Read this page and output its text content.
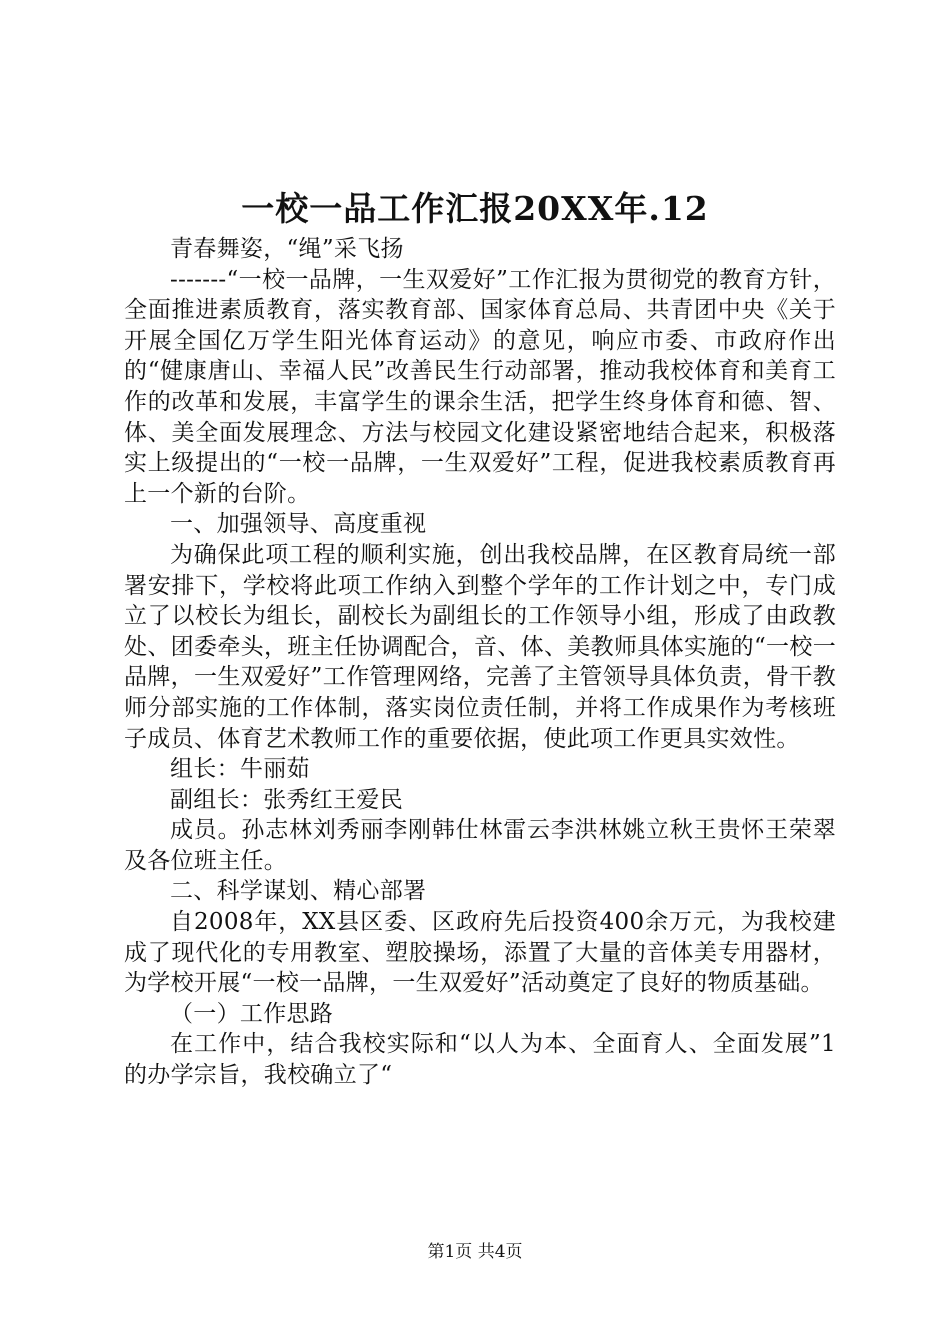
一校一品工作汇报20XX年.12

青春舞姿，“绳”采飞扬

-------“一校一品牌，一生双爱好”工作汇报为贯彻党的教育方针，全面推进素质教育，落实教育部、国家体育总局、共青团中央《关于开展全国亿万学生阳光体育运动》的意见，响应市委、市政府作出的“健康唐山、幸福人民”改善民生行动部署，推动我校体育和美育工作的改革和发展，丰富学生的课余生活，把学生终身体育和德、智、体、美全面发展理念、方法与校园文化建设紧密地结合起来，积极落实上级提出的“一校一品牌，一生双爱好”工程，促进我校素质教育再上一个新的台阶。

一、加强领导、高度重视

为确保此项工程的顺利实施，创出我校品牌，在区教育局统一部署安排下，学校将此项工作纳入到整个学年的工作计划之中，专门成立了以校长为组长，副校长为副组长的工作领导小组，形成了由政教处、团委牵头，班主任协调配合，音、体、美教师具体实施的“一校一品牌，一生双爱好”工作管理网络，完善了主管领导具体负责，骨干教师分部实施的工作体制，落实岗位责任制，并将工作成果作为考核班子成员、体育艺术教师工作的重要依据，使此项工作更具实效性。

组长：牛丽茹

副组长：张秀红王爱民

成员。孙志林刘秀丽李刚韩仕林雷云李洪林姚立秋王贵怀王荣翠及各位班主任。

二、科学谋划、精心部署

自2008年，XX县区委、区政府先后投资400余万元，为我校建成了现代化的专用教室、塑胶操场，添置了大量的音体美专用器材，为学校开展“一校一品牌，一生双爱好”活动奠定了良好的物质基础。

（一）工作思路

在工作中，结合我校实际和“以人为本、全面育人、全面发展”1的办学宗旨，我校确立了“

第1页 共4页
